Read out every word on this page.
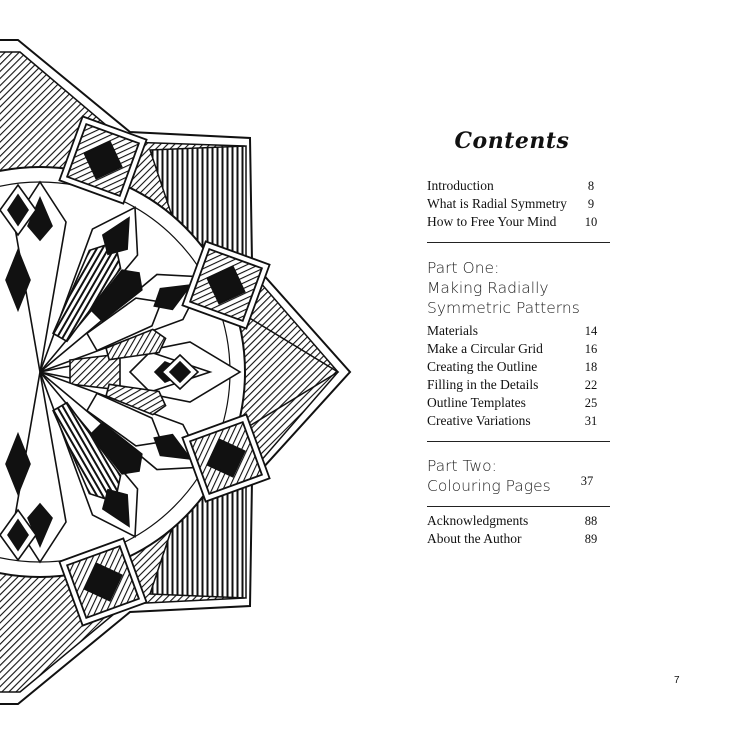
Contents
Introduction	8
What is Radial Symmetry	9
How to Free Your Mind	10
Part One:
Making Radially
Symmetric Patterns
Materials	14
Make a Circular Grid	16
Creating the Outline	18
Filling in the Details	22
Outline Templates	25
Creative Variations	31
Part Two:
Colouring Pages	37
Acknowledgments	88
About the Author	89
7
